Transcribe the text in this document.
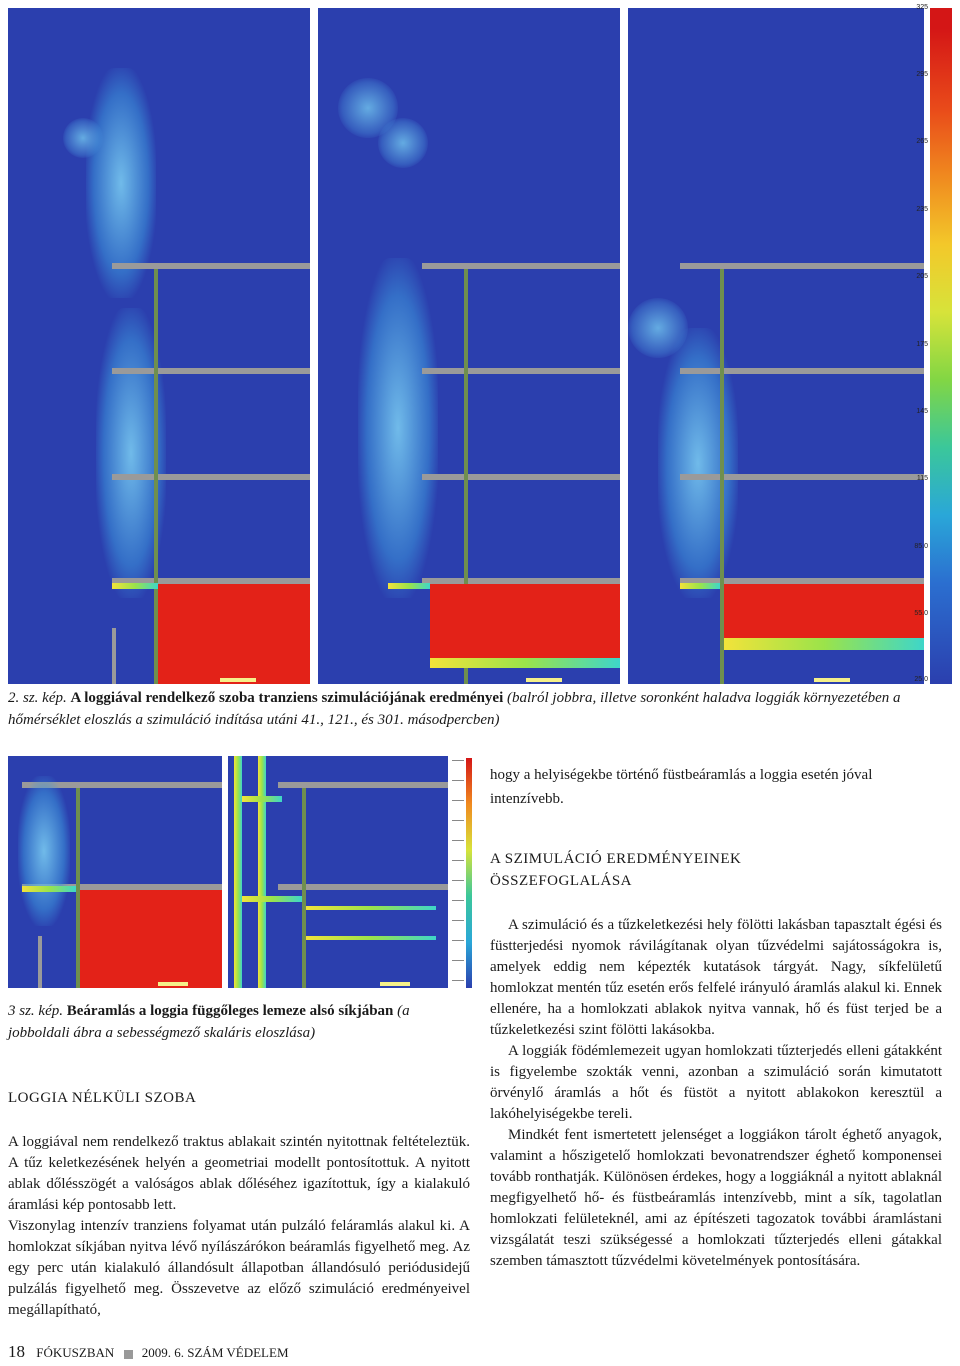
325
295
265
235
205
175
145
115
85.0
55.0
25.0
2. sz. kép. A loggiával rendelkező szoba tranziens szimulációjának eredményei (balról jobbra, illetve soronként haladva loggiák környezetében a hőmérséklet eloszlás a szimuláció indítása utáni 41., 121., és 301. másodpercben)
3 sz. kép. Beáramlás a loggia függőleges lemeze alsó síkjában (a jobboldali ábra a sebességmező skaláris eloszlása)
LOGGIA NÉLKÜLI SZOBA

A loggiával nem rendelkező traktus ablakait szintén nyitottnak feltételeztük. A tűz keletkezésének helyén a geometriai modellt pontosítottuk. A nyitott ablak dőlésszögét a valóságos ablak dőléséhez igazítottuk, így a kialakuló áramlási kép pontosabb lett.

Viszonylag intenzív tranziens folyamat után pulzáló feláramlás alakul ki. A homlokzat síkjában nyitva lévő nyílászárókon beáramlás figyelhető meg. Az egy perc után kialakuló állandósult állapotban állandósuló periódusidejű pulzálás figyelhető meg. Összevetve az előző szimuláció eredményeivel megállapítható,

hogy a helyiségekbe történő füstbeáramlás a loggia esetén jóval intenzívebb.

A SZIMULÁCIÓ EREDMÉNYEINEK
ÖSSZEFOGLALÁSA

A szimuláció és a tűzkeletkezési hely fölötti lakásban tapasztalt égési és füstterjedési nyomok rávilágítanak olyan tűzvédelmi sajátosságokra is, amelyek eddig nem képezték kutatások tárgyát. Nagy, síkfelületű homlokzat mentén tűz esetén erős felfelé irányuló áramlás alakul ki. Ennek ellenére, ha a homlokzati ablakok nyitva vannak, hő és füst terjed be a tűzkeletkezési szint fölötti lakásokba.

A loggiák födémlemezeit ugyan homlokzati tűzterjedés elleni gátakként is figyelembe szokták venni, azonban a szimuláció során kimutatott örvénylő áramlás a hőt és füstöt a nyitott ablakokon keresztül a lakóhelyiségekbe tereli.

Mindkét fent ismertetett jelenséget a loggiákon tárolt éghető anyagok, valamint a hőszigetelő homlokzati bevonatrendszer éghető komponensei tovább ronthatják. Különösen érdekes, hogy a loggiáknál a nyitott ablaknál megfigyelhető hő- és füstbeáramlás intenzívebb, mint a sík, tagolatlan homlokzati felületeknél, ami az építészeti tagozatok további áramlástani vizsgálatát teszi szükségessé a homlokzati tűzterjedés elleni gátakkal szemben támasztott tűzvédelmi követelmények pontosítására.

18 FÓKUSZBAN 2009. 6. SZÁM VÉDELEM
